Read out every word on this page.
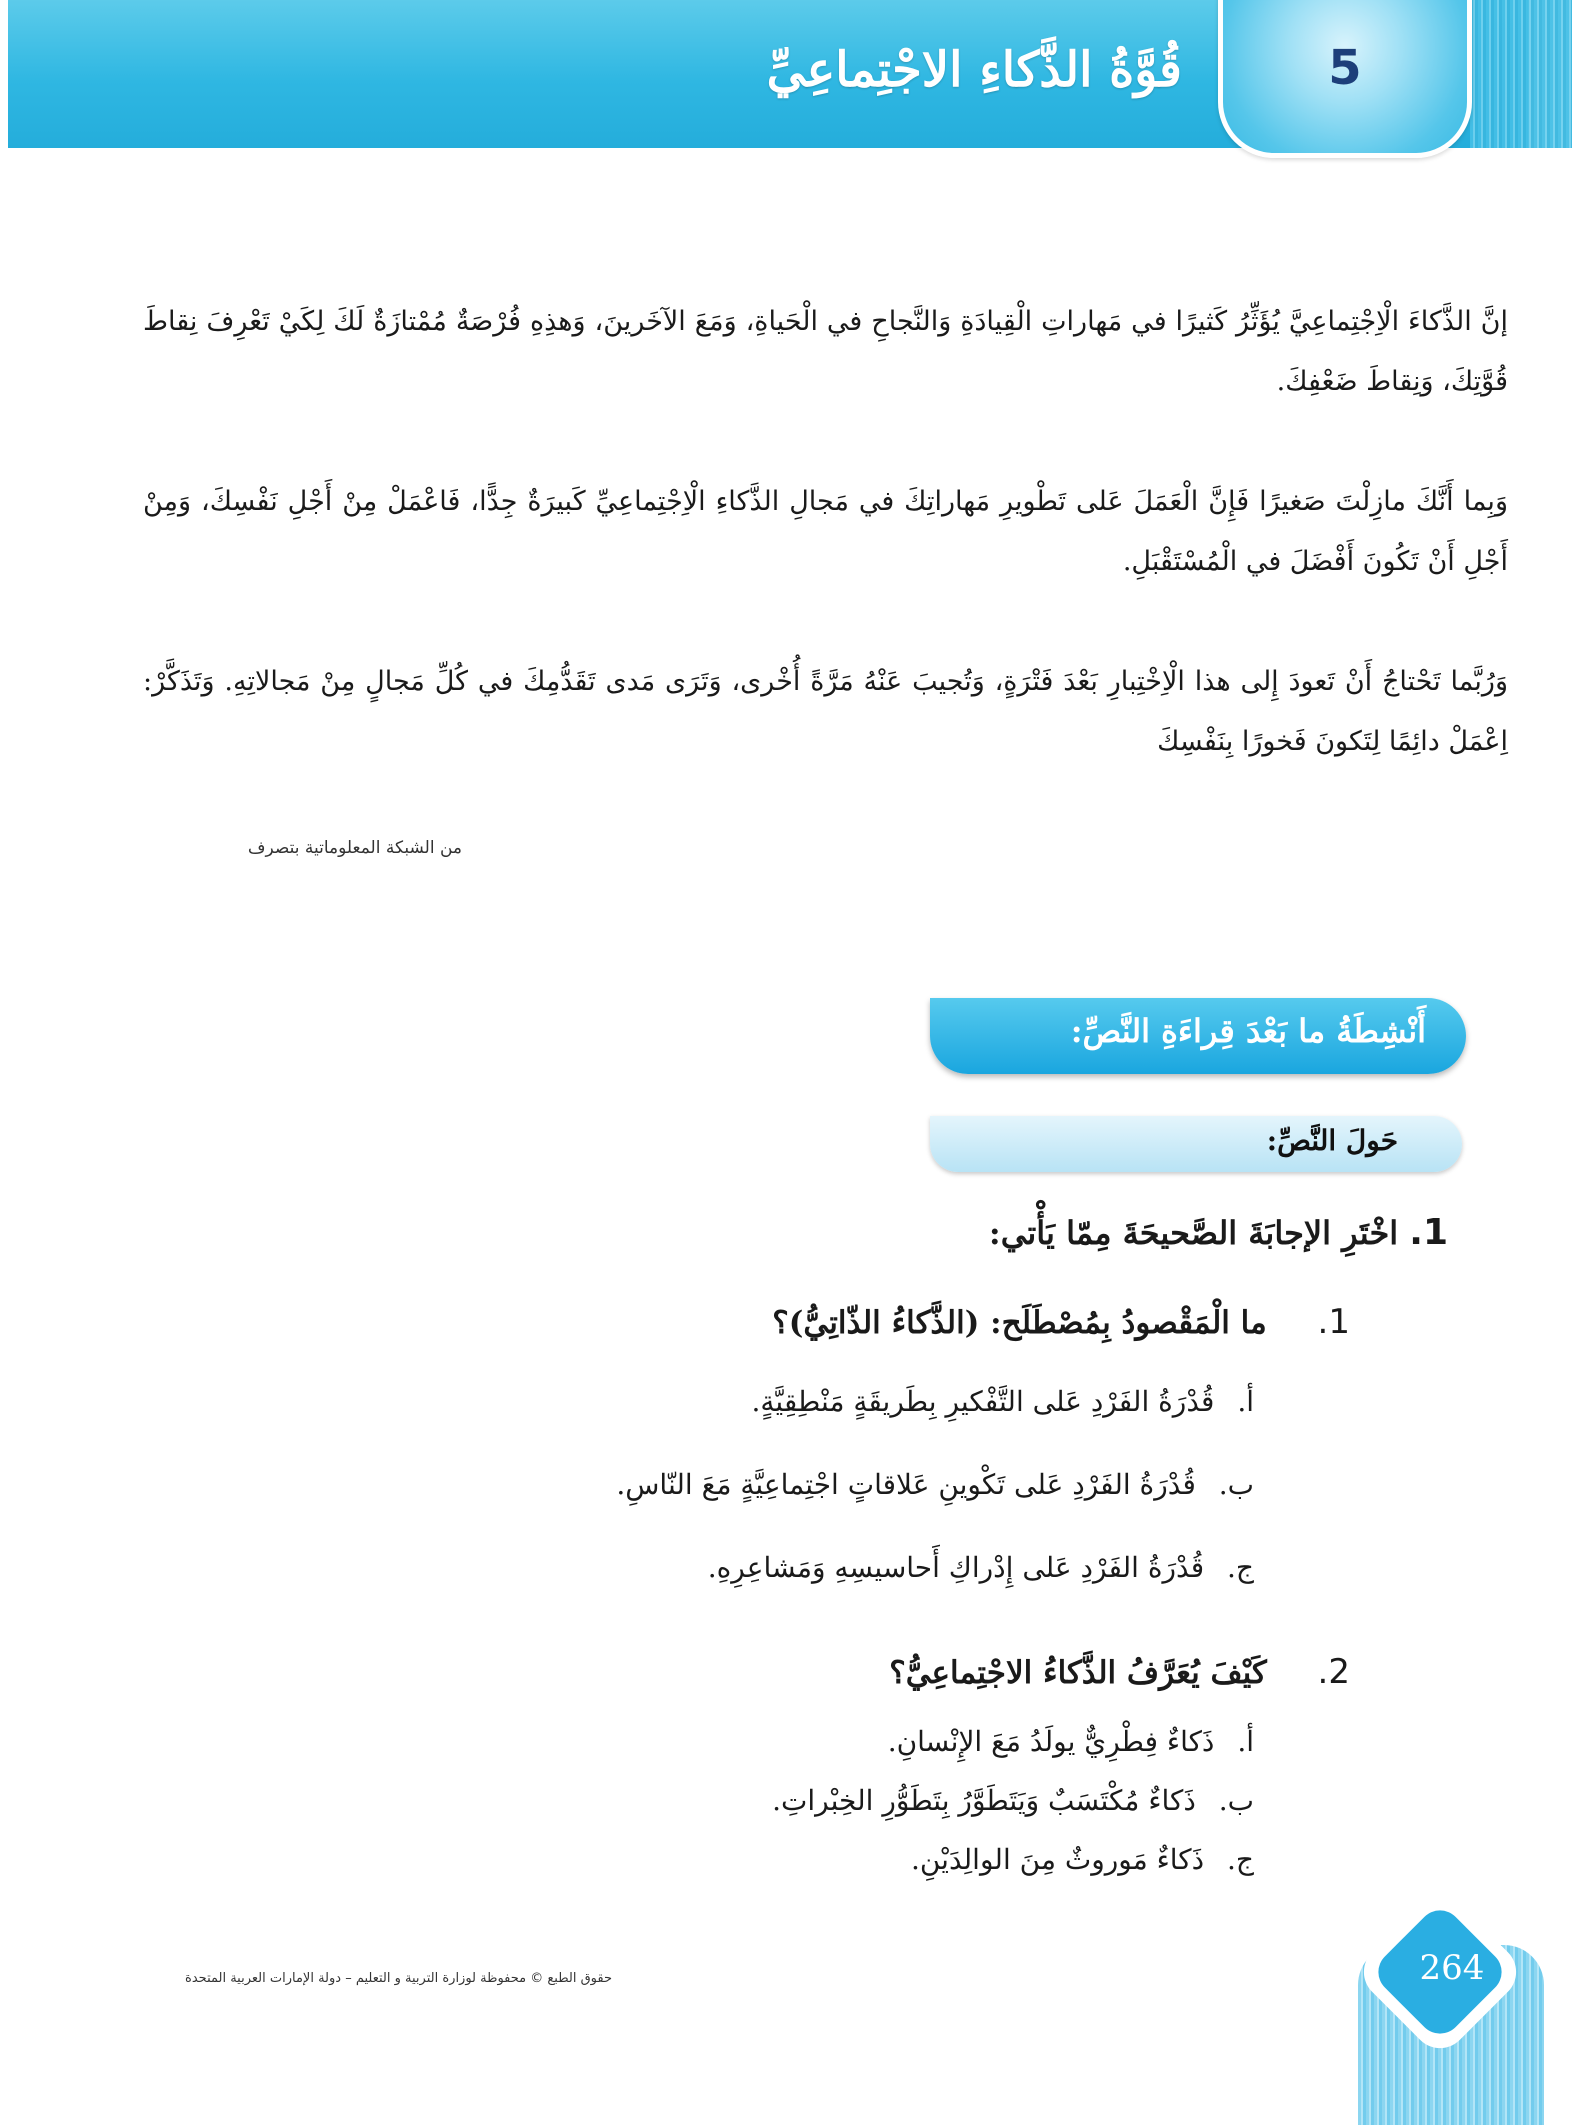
5
قُوَّةُ الذَّكاءِ الاجْتِماعِيِّ
إنَّ الذَّكاءَ الْاِجْتِماعِيَّ يُؤَثِّرُ كَثيرًا في مَهاراتِ الْقِيادَةِ وَالنَّجاحِ في الْحَياةِ، وَمَعَ الآخَرينَ، وَهذِهِ فُرْصَةٌ مُمْتازَةٌ لَكَ لِكَيْ تَعْرِفَ نِقاطَ قُوَّتِكَ، وَنِقاطَ ضَعْفِكَ.
وَبِما أَنَّكَ مازِلْتَ صَغيرًا فَإِنَّ الْعَمَلَ عَلى تَطْويرِ مَهاراتِكَ في مَجالِ الذَّكاءِ الْاِجْتِماعِيِّ كَبيرَةٌ جِدًّا، فَاعْمَلْ مِنْ أَجْلِ نَفْسِكَ، وَمِنْ أَجْلِ أَنْ تَكُونَ أَفْضَلَ في الْمُسْتَقْبَلِ.
وَرُبَّما تَحْتاجُ أَنْ تَعودَ إِلى هذا الْاِخْتِبارِ بَعْدَ فَتْرَةٍ، وَتُجيبَ عَنْهُ مَرَّةً أُخْرى، وَتَرَى مَدى تَقَدُّمِكَ في كُلِّ مَجالٍ مِنْ مَجالاتِهِ. وَتَذَكَّرْ: اِعْمَلْ دائِمًا لِتَكونَ فَخورًا بِنَفْسِكَ
من الشبكة المعلوماتية بتصرف
أَنْشِطَةُ ما بَعْدَ قِراءَةِ النَّصِّ:
حَولَ النَّصِّ:
1. اخْتَرِ الإجابَةَ الصَّحيحَةَ مِمّا يَأْتي:
1. ما الْمَقْصودُ بِمُصْطَلَح: (الذَّكاءُ الذّاتِيُّ)؟
أ. قُدْرَةُ الفَرْدِ عَلى التَّفْكيرِ بِطَريقَةٍ مَنْطِقِيَّةٍ.
ب. قُدْرَةُ الفَرْدِ عَلى تَكْوينِ عَلاقاتٍ اجْتِماعِيَّةٍ مَعَ النّاسِ.
ج. قُدْرَةُ الفَرْدِ عَلى إِدْراكِ أَحاسيسِهِ وَمَشاعِرِهِ.
2. كَيْفَ يُعَرَّفُ الذَّكاءُ الاجْتِماعِيُّ؟
أ. ذَكاءٌ فِطْرِيٌّ يولَدُ مَعَ الإِنْسانِ.
ب. ذَكاءٌ مُكْتَسَبٌ وَيَتَطَوَّرُ بِتَطَوُّرِ الخِبْراتِ.
ج. ذَكاءٌ مَوروثٌ مِنَ الوالِدَيْنِ.
حقوق الطبع © محفوظة لوزارة التربية و التعليم – دولة الإمارات العربية المتحدة	264
